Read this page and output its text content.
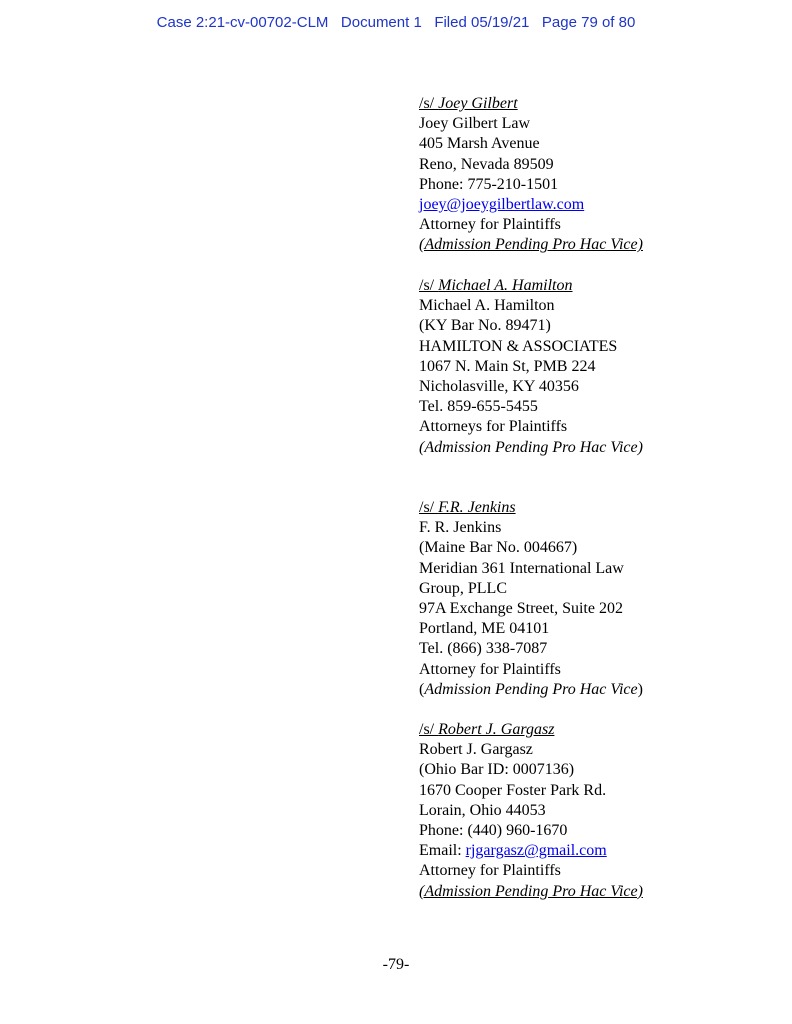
Case 2:21-cv-00702-CLM Document 1 Filed 05/19/21 Page 79 of 80
/s/ Joey Gilbert
Joey Gilbert Law
405 Marsh Avenue
Reno, Nevada 89509
Phone: 775-210-1501
joey@joeygilbertlaw.com
Attorney for Plaintiffs
(Admission Pending Pro Hac Vice)
/s/ Michael A. Hamilton
Michael A. Hamilton
(KY Bar No. 89471)
HAMILTON & ASSOCIATES
1067 N. Main St, PMB 224
Nicholasville, KY 40356
Tel. 859-655-5455
Attorneys for Plaintiffs
(Admission Pending Pro Hac Vice)
/s/ F.R. Jenkins
F. R. Jenkins
(Maine Bar No. 004667)
Meridian 361 International Law
Group, PLLC
97A Exchange Street, Suite 202
Portland, ME 04101
Tel. (866) 338-7087
Attorney for Plaintiffs
(Admission Pending Pro Hac Vice)
/s/ Robert J. Gargasz
Robert J. Gargasz
(Ohio Bar ID: 0007136)
1670 Cooper Foster Park Rd.
Lorain, Ohio 44053
Phone: (440) 960-1670
Email: rjgargasz@gmail.com
Attorney for Plaintiffs
(Admission Pending Pro Hac Vice)
-79-
